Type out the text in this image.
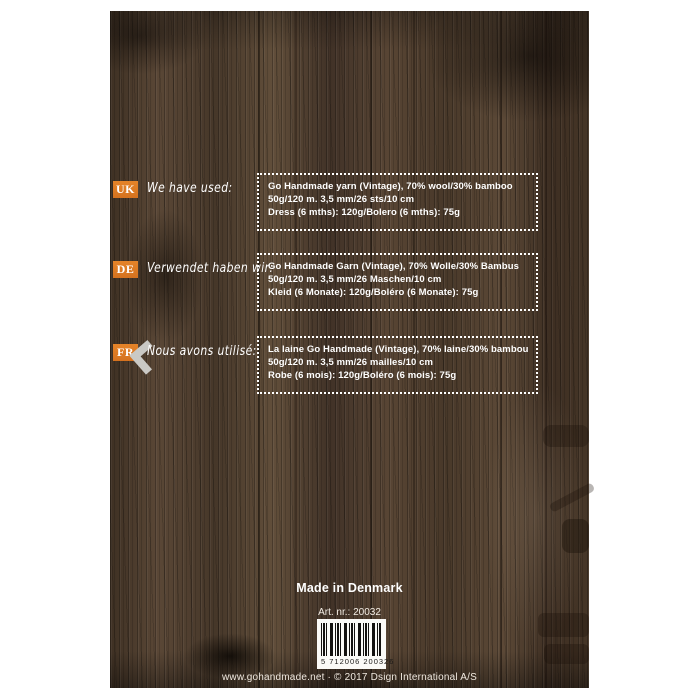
UK We have used:	Go Handmade yarn (Vintage), 70% wool/30% bamboo
50g/120 m. 3,5 mm/26 sts/10 cm
Dress (6 mths): 120g/Bolero (6 mths): 75g
DE Verwendet haben wir:
Go Handmade Garn (Vintage), 70% Wolle/30% Bambus
50g/120 m. 3,5 mm/26 Maschen/10 cm
Kleid (6 Monate): 120g/Boléro (6 Monate): 75g
FR Nous avons utilisé: La laine Go Handmade (Vintage), 70% laine/30% bambou
50g/120 m. 3,5 mm/26 mailles/10 cm
Robe (6 mois): 120g/Boléro (6 mois): 75g
Made in Denmark
Art. nr.: 20032
5 712006 200326
www.gohandmade.net · © 2017 Dsign International A/S
